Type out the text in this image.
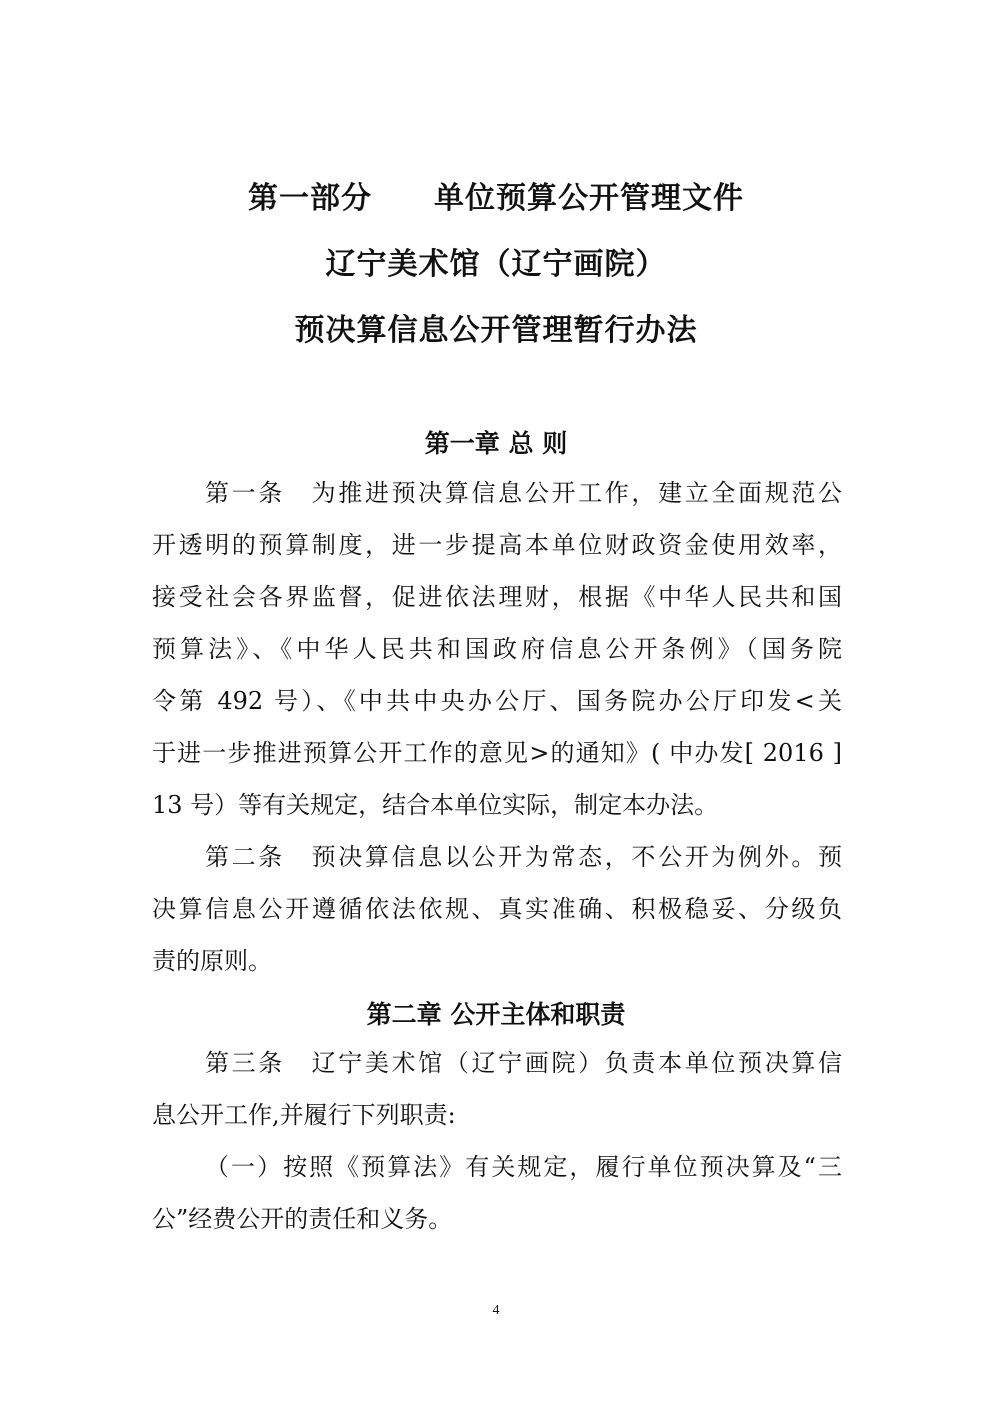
第一部分　　单位预算公开管理文件
辽宁美术馆（辽宁画院）
预决算信息公开管理暂行办法
第一章 总 则
第一条　为推进预决算信息公开工作，建立全面规范公
开透明的预算制度，进一步提高本单位财政资金使用效率，
接受社会各界监督，促进依法理财，根据《中华人民共和国
预算法》、《中华人民共和国政府信息公开条例》（国务院
令第 492 号）、《中共中央办公厅、国务院办公厅印发<关
于进一步推进预算公开工作的意见>的通知》( 中办发[ 2016 ]
13 号）等有关规定，结合本单位实际，制定本办法。
第二条　预决算信息以公开为常态，不公开为例外。预
决算信息公开遵循依法依规、真实准确、积极稳妥、分级负
责的原则。
第二章 公开主体和职责
第三条　辽宁美术馆（辽宁画院）负责本单位预决算信
息公开工作,并履行下列职责:
（一）按照《预算法》有关规定，履行单位预决算及“三
公”经费公开的责任和义务。
4
